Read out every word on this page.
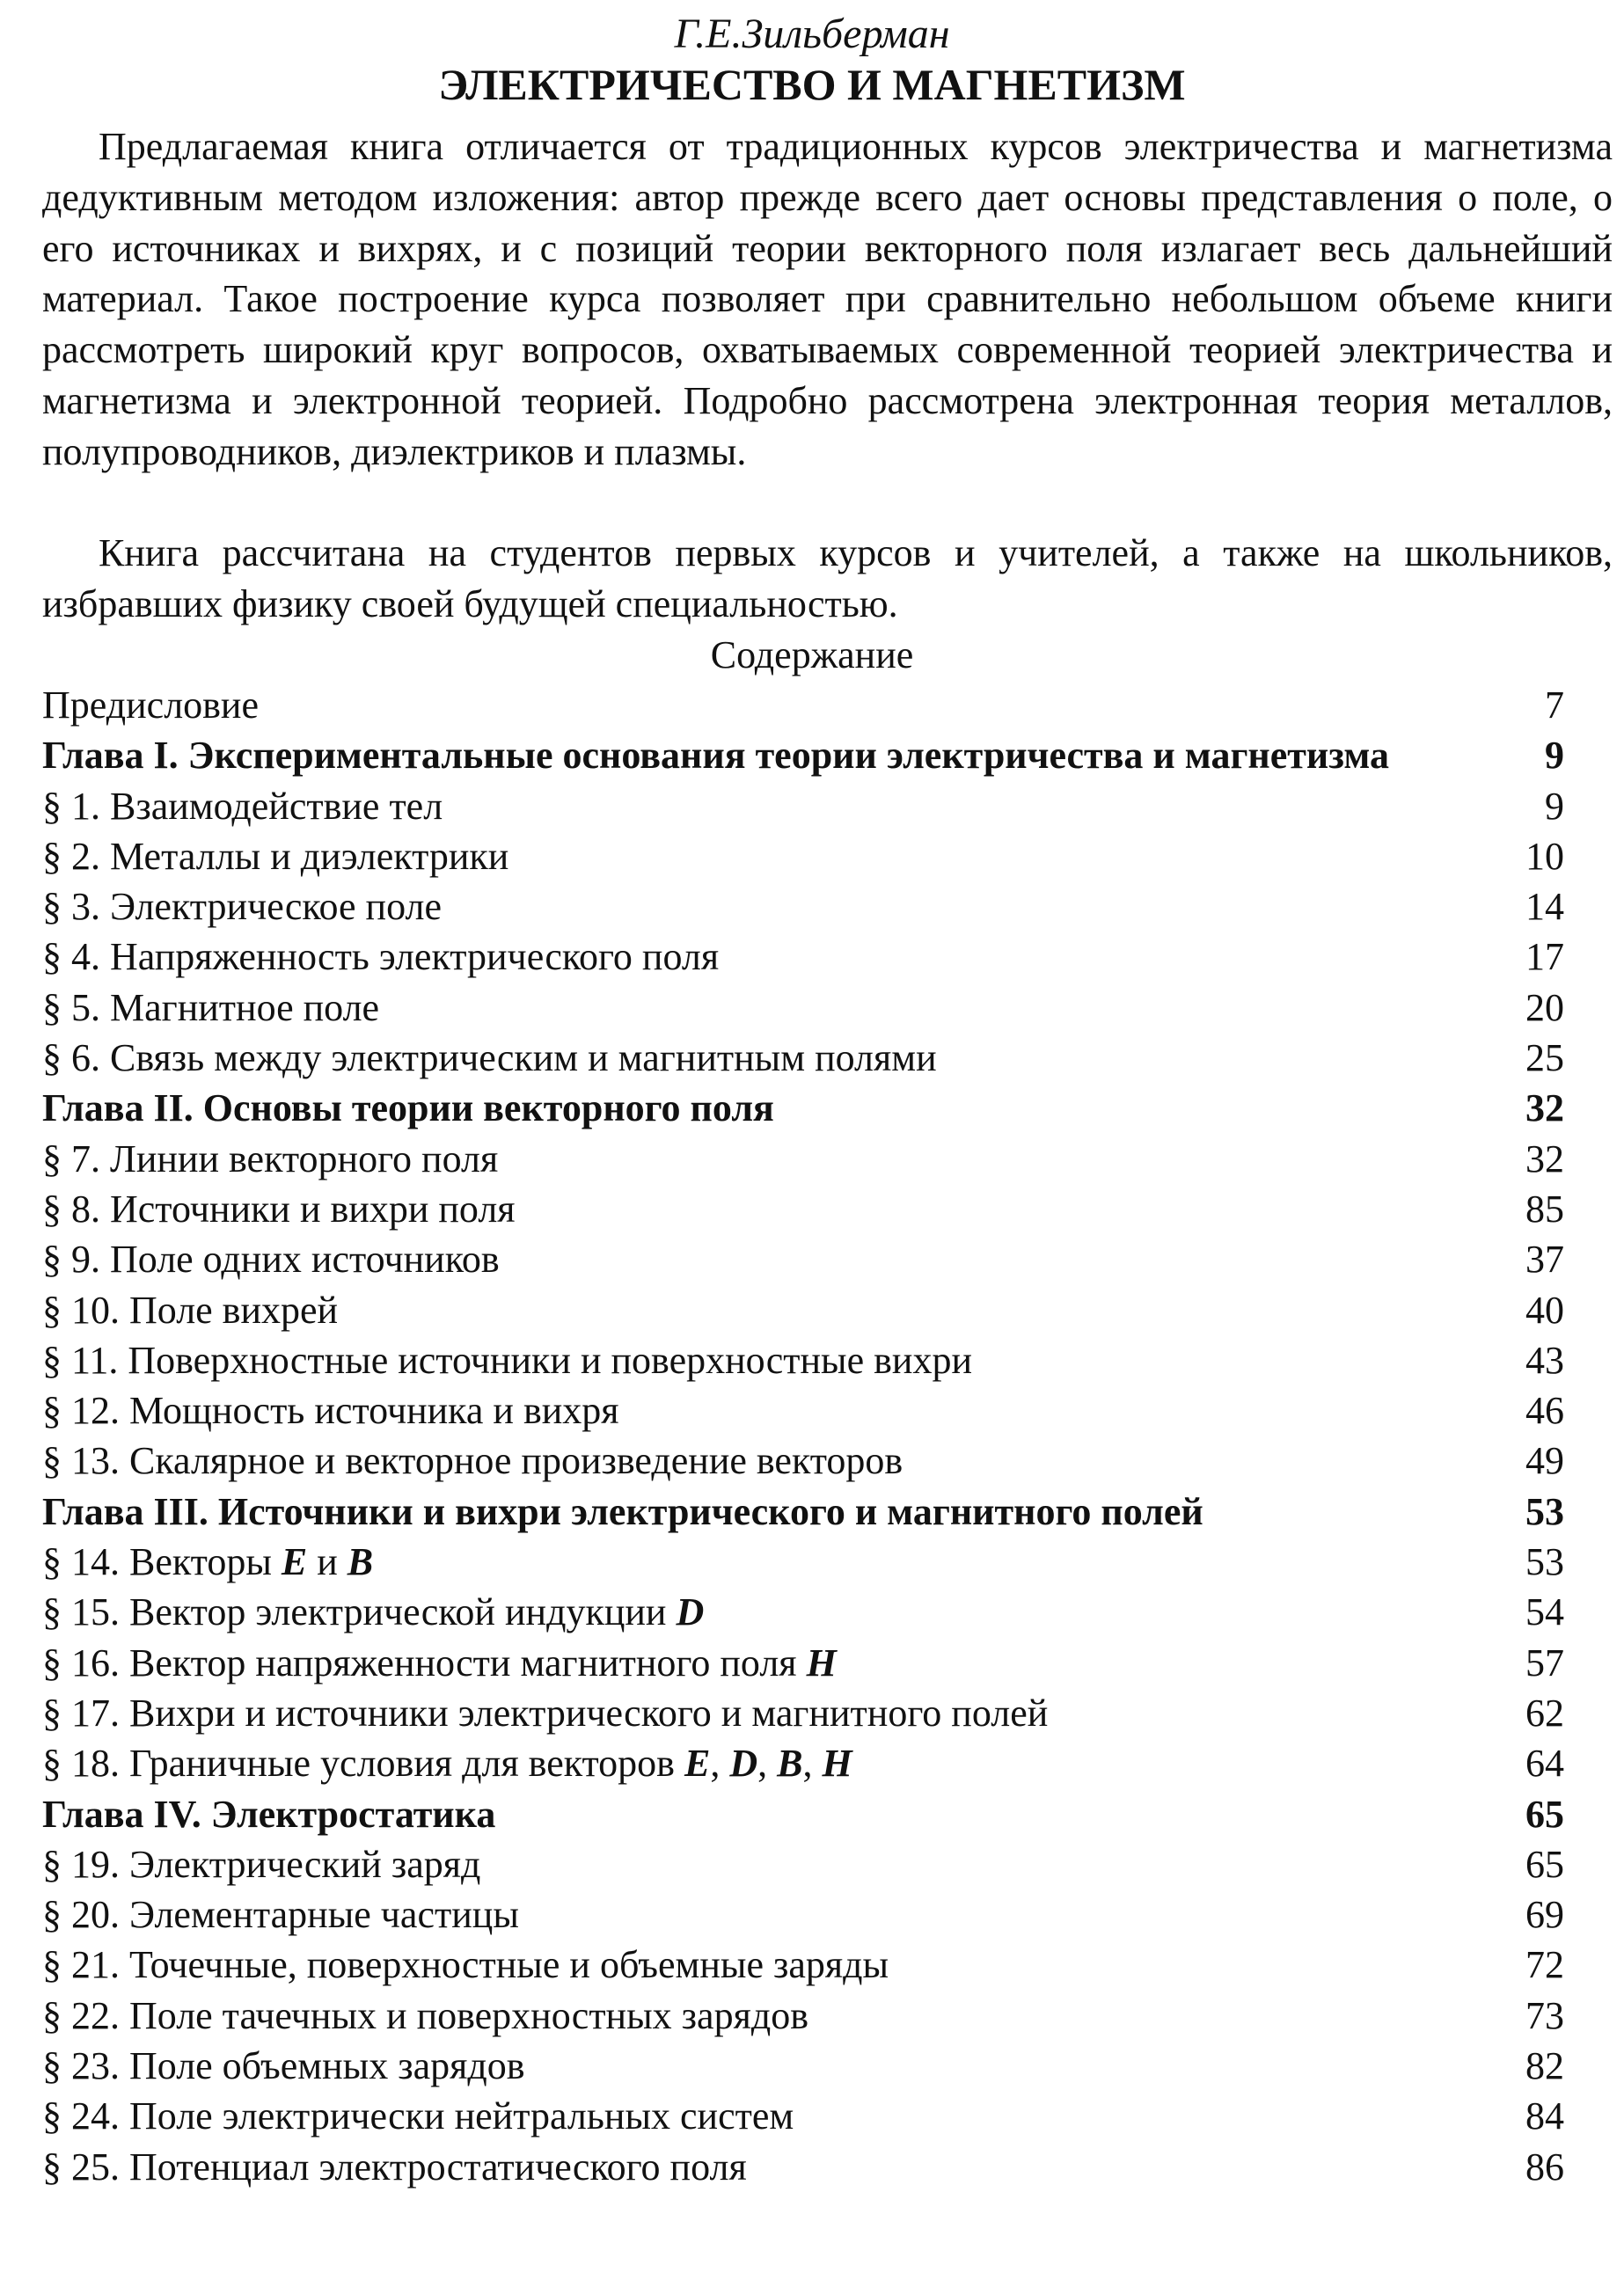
Г.Е.Зильберман
ЭЛЕКТРИЧЕСТВО И МАГНЕТИЗМ

Предлагаемая книга отличается от традиционных курсов электричества и магнетизма дедуктивным методом изложения: автор прежде всего дает основы представления о поле, о его источниках и вихрях, и с позиций теории векторного поля излагает весь дальнейший материал. Такое построение курса позволяет при сравнительно небольшом объеме книги рассмотреть широкий круг вопросов, охватываемых современной теорией электричества и магнетизма и электронной теорией. Подробно рассмотрена электронная теория металлов, полупроводников, диэлектриков и плазмы.

Книга рассчитана на студентов первых курсов и учителей, а также на школьников, избравших физику своей будущей специальностью.

Содержание
Предисловие	7
Глава I. Экспериментальные основания теории электричества и магнетизма	9
§ 1. Взаимодействие тел	9
§ 2. Металлы и диэлектрики	10
§ 3. Электрическое поле	14
§ 4. Напряженность электрического поля	17
§ 5. Магнитное поле	20
§ 6. Связь между электрическим и магнитным полями	25
Глава II. Основы теории векторного поля	32
§ 7. Линии векторного поля	32
§ 8. Источники и вихри поля	85
§ 9. Поле одних источников	37
§ 10. Поле вихрей	40
§ 11. Поверхностные источники и поверхностные вихри	43
§ 12. Мощность источника и вихря	46
§ 13. Скалярное и векторное произведение векторов	49
Глава III. Источники и вихри электрического и магнитного полей	53
§ 14. Векторы E и B	53
§ 15. Вектор электрической индукции D	54
§ 16. Вектор напряженности магнитного поля H	57
§ 17. Вихри и источники электрического и магнитного полей	62
§ 18. Граничные условия для векторов E, D, B, H	64
Глава IV. Электростатика	65
§ 19. Электрический заряд	65
§ 20. Элементарные частицы	69
§ 21. Точечные, поверхностные и объемные заряды	72
§ 22. Поле тачечных и поверхностных зарядов	73
§ 23. Поле объемных зарядов	82
§ 24. Поле электрически нейтральных систем	84
§ 25. Потенциал электростатического поля	86
